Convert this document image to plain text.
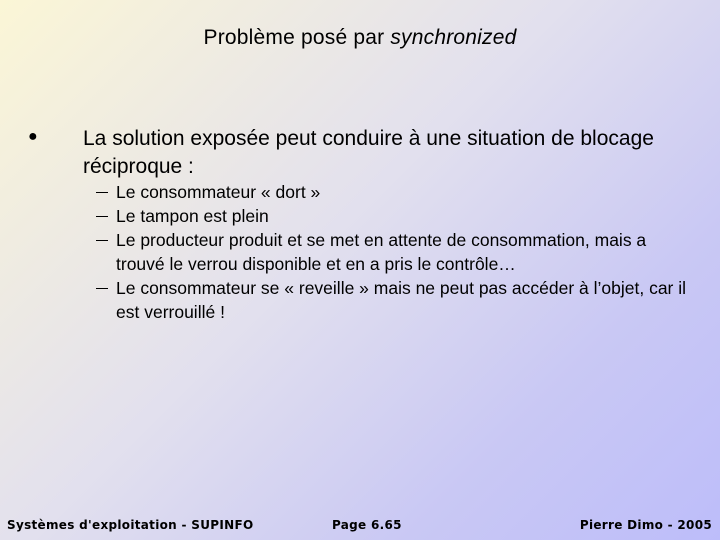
Problème posé par synchronized
● La solution exposée peut conduire à une situation de blocage réciproque :
Le consommateur « dort »
Le tampon est plein
Le producteur produit et se met en attente de consommation, mais a trouvé le verrou disponible et en a pris le contrôle…
Le consommateur se « reveille » mais ne peut pas accéder à l’objet, car il est verrouillé !
Systèmes d'exploitation - SUPINFO	Page 6.65	Pierre Dimo - 2005
